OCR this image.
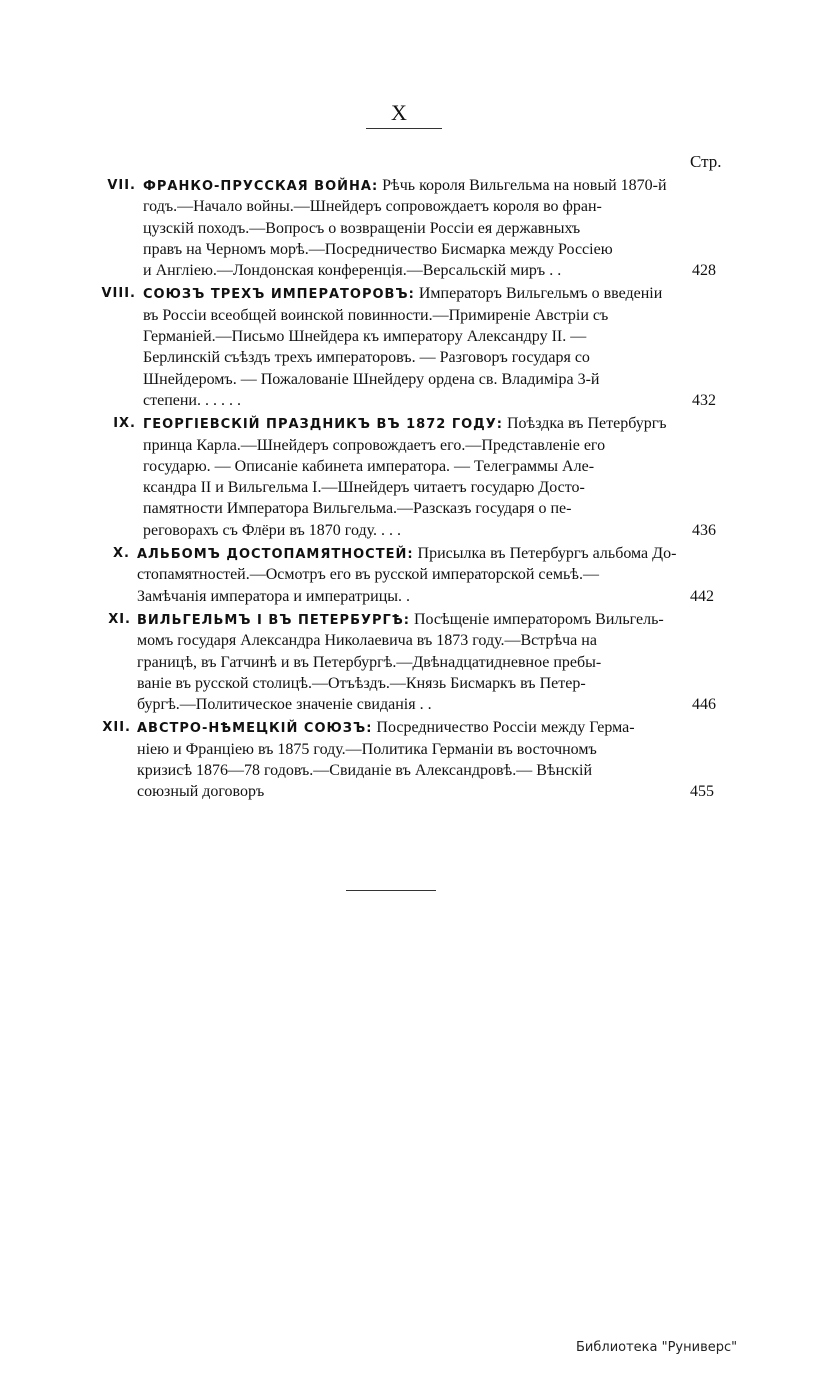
X
Стр.
VII. ФРАНКО-ПРУССКАЯ ВОЙНА: Рѣчь короля Вильгельма на новый 1870-й
годъ.—Начало войны.—Шнейдеръ сопровождаетъ короля во фран-
цузскій походъ.—Вопросъ о возвращеніи Россіи ея державныхъ
правъ на Черномъ морѣ.—Посредничество Бисмарка между Россіею
и Англіею.—Лондонская конференція.—Версальскій миръ . .	428
VIII. СОЮЗЪ ТРЕХЪ ИМПЕРАТОРОВЪ: Императоръ Вильгельмъ о введеніи
въ Россіи всеобщей воинской повинности.—Примиреніе Австріи съ
Германіей.—Письмо Шнейдера къ императору Александру II. —
Берлинскій съѣздъ трехъ императоровъ. — Разговоръ государя со
Шнейдеромъ. — Пожалованіе Шнейдеру ордена св. Владиміра 3-й
степени. . . . . .	432
IX. ГЕОРГІЕВСКІЙ ПРАЗДНИКЪ ВЪ 1872 ГОДУ: Поѣздка въ Петербургъ
принца Карла.—Шнейдеръ сопровождаетъ его.—Представленіе его
государю. — Описаніе кабинета императора. — Телеграммы Але-
ксандра II и Вильгельма I.—Шнейдеръ читаетъ государю Досто-
памятности Императора Вильгельма.—Разсказъ государя о пе-
реговорахъ съ Флёри въ 1870 году. . . .	436
X. АЛЬБОМЪ ДОСТОПАМЯТНОСТЕЙ: Присылка въ Петербургъ альбома До-
стопамятностей.—Осмотръ его въ русской императорской семьѣ.—
Замѣчанія императора и императрицы. .	442
XI. ВИЛЬГЕЛЬМЪ I ВЪ ПЕТЕРБУРГѢ: Посѣщеніе императоромъ Вильгель-
момъ государя Александра Николаевича въ 1873 году.—Встрѣча на
границѣ, въ Гатчинѣ и въ Петербургѣ.—Двѣнадцатидневное пребы-
ваніе въ русской столицѣ.—Отъѣздъ.—Князь Бисмаркъ въ Петер-
бургѣ.—Политическое значеніе свиданія . .	446
XII. АВСТРО-НѢМЕЦКІЙ СОЮЗЪ: Посредничество Россіи между Герма-
ніею и Франціею въ 1875 году.—Политика Германіи въ восточномъ
кризисѣ 1876—78 годовъ.—Свиданіе въ Александровѣ.— Вѣнскій
союзный договоръ	455
Библиотека "Руниверс"
